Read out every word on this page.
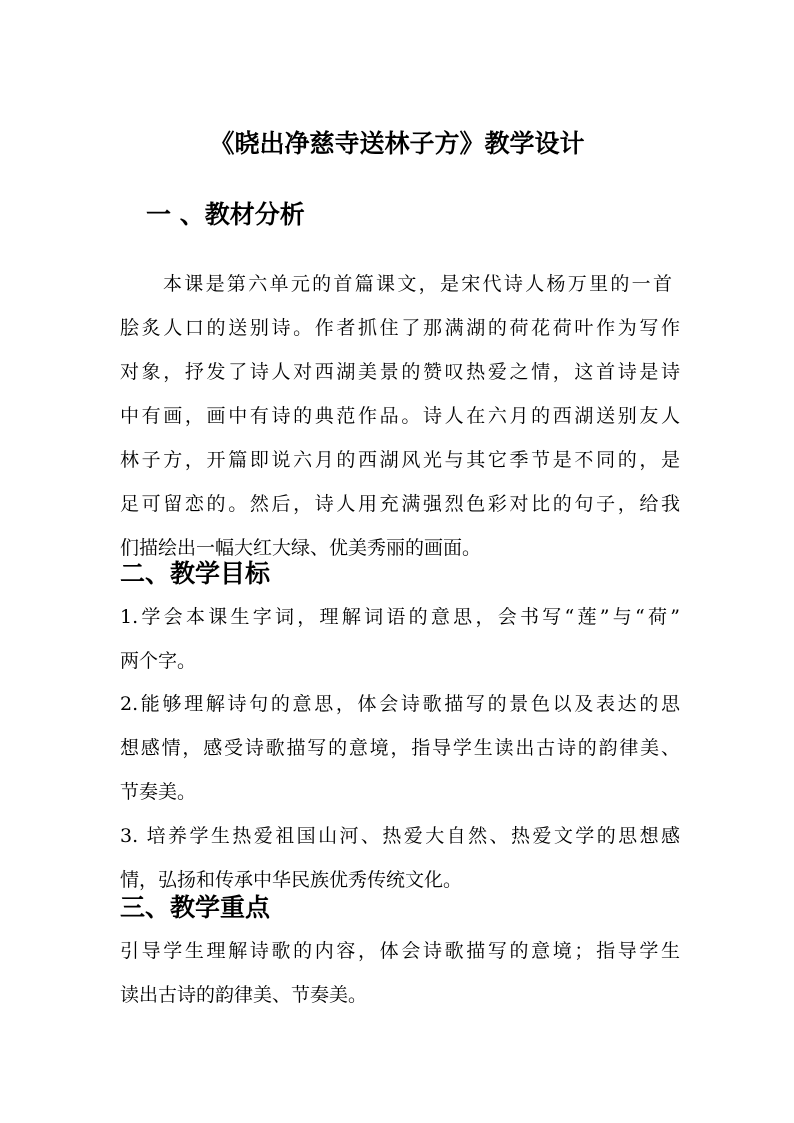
《晓出净慈寺送林子方》教学设计
一 、教材分析
本课是第六单元的首篇课文，是宋代诗人杨万里的一首
脍炙人口的送别诗。作者抓住了那满湖的荷花荷叶作为写作
对象，抒发了诗人对西湖美景的赞叹热爱之情，这首诗是诗
中有画，画中有诗的典范作品。诗人在六月的西湖送别友人
林子方，开篇即说六月的西湖风光与其它季节是不同的，是
足可留恋的。然后，诗人用充满强烈色彩对比的句子，给我
们描绘出一幅大红大绿、优美秀丽的画面。
二、教学目标
1.学会本课生字词，理解词语的意思，会书写“莲”与“荷”
两个字。
2.能够理解诗句的意思，体会诗歌描写的景色以及表达的思
想感情，感受诗歌描写的意境，指导学生读出古诗的韵律美、
节奏美。
3. 培养学生热爱祖国山河、热爱大自然、热爱文学的思想感
情，弘扬和传承中华民族优秀传统文化。
三、教学重点
引导学生理解诗歌的内容，体会诗歌描写的意境；指导学生
读出古诗的韵律美、节奏美。
